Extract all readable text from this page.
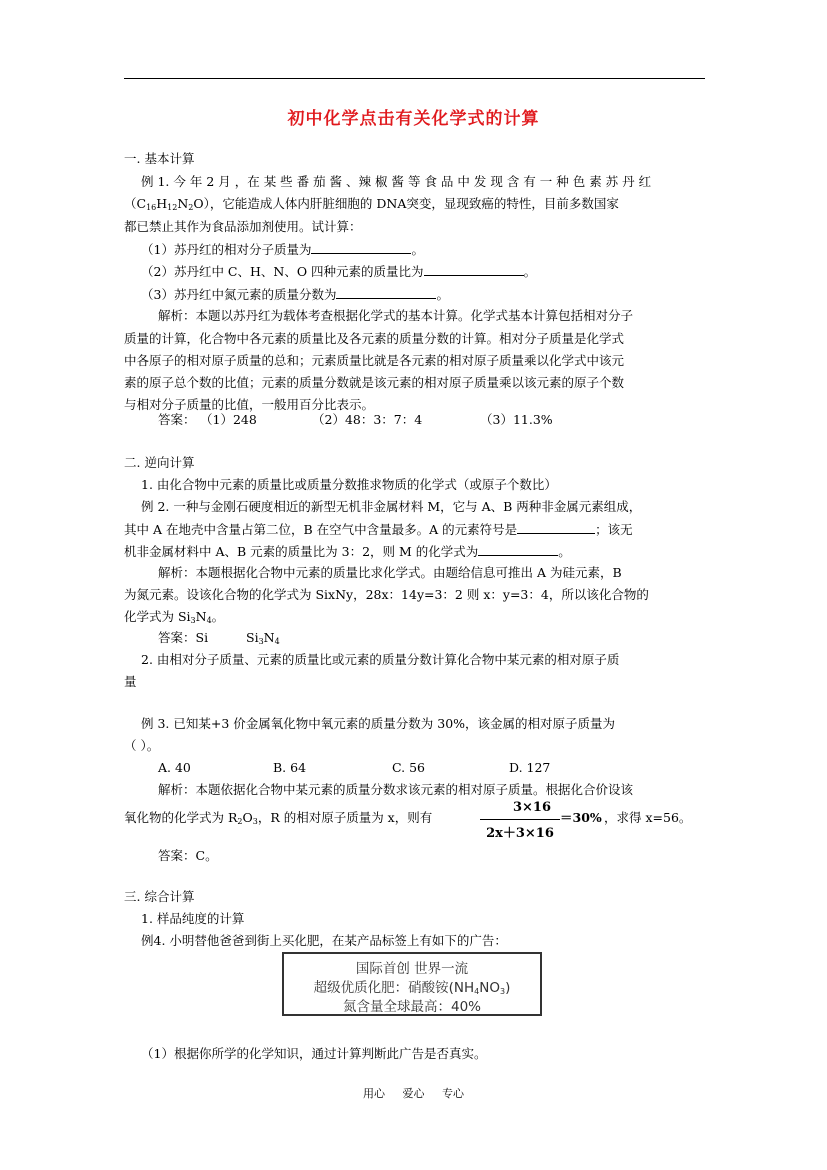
初中化学点击有关化学式的计算
一. 基本计算
例 1. 今 年 2 月 ，在 某 些 番 茄 酱 、辣 椒 酱 等 食 品 中 发 现 含 有 一 种 色 素 苏 丹 红
$(C_{16}H_{12}N_2O)$，它能造成人体内肝脏细胞的 DNA突变，显现致癌的特性，目前多数国家
都已禁止其作为食品添加剂使用。试计算：
（1）苏丹红的相对分子质量为	。
（2）苏丹红中 C、H、N、O 四种元素的质量比为	。
（3）苏丹红中氮元素的质量分数为	。
解析：本题以苏丹红为载体考查根据化学式的基本计算。化学式基本计算包括相对分子
质量的计算，化合物中各元素的质量比及各元素的质量分数的计算。相对分子质量是化学式
中各原子的相对原子质量的总和；元素质量比就是各元素的相对原子质量乘以化学式中该元
素的原子总个数的比值；元素的质量分数就是该元素的相对原子质量乘以该元素的原子个数
与相对分子质量的比值，一般用百分比表示。
答案： （1）248	（2）48：3：7：4	（3）11.3%
二. 逆向计算
1. 由化合物中元素的质量比或质量分数推求物质的化学式（或原子个数比）
例 2. 一种与金刚石硬度相近的新型无机非金属材料 M，它与 A、B 两种非金属元素组成，
其中 A 在地壳中含量占第二位，B 在空气中含量最多。A 的元素符号是	；该无
机非金属材料中 A、B 元素的质量比为 3：2，则 M 的化学式为	。
解析：本题根据化合物中元素的质量比求化学式。由题给信息可推出 A 为硅元素，B
为氮元素。设该化合物的化学式为 SixNy，28x：14y=3：2 则 x：y=3：4，所以该化合物的
化学式为 $Si_3N_4$。
答案：Si	$Si_3N_4$
2. 由相对分子质量、元素的质量比或元素的质量分数计算化合物中某元素的相对原子质
量
例 3. 已知某+3 价金属氧化物中氧元素的质量分数为 30%，该金属的相对原子质量为
（ ）。
A. 40	B. 64	C. 56	D. 127
解析：本题依据化合物中某元素的质量分数求该元素的相对原子质量。根据化合价设该
氧化物的化学式为 $R_2O_3$，R 的相对原子质量为 x，则有
3×16
2x＋3×16
＝30% ，求得 x=56。
答案：C。
三. 综合计算
1. 样品纯度的计算
例4. 小明替他爸爸到街上买化肥，在某产品标签上有如下的广告：
国际首创 世界一流
超级优质化肥：硝酸铵$(NH_4NO_3)$
氮含量全球最高：40%
（1）根据你所学的化学知识，通过计算判断此广告是否真实。
用心 爱心 专心
